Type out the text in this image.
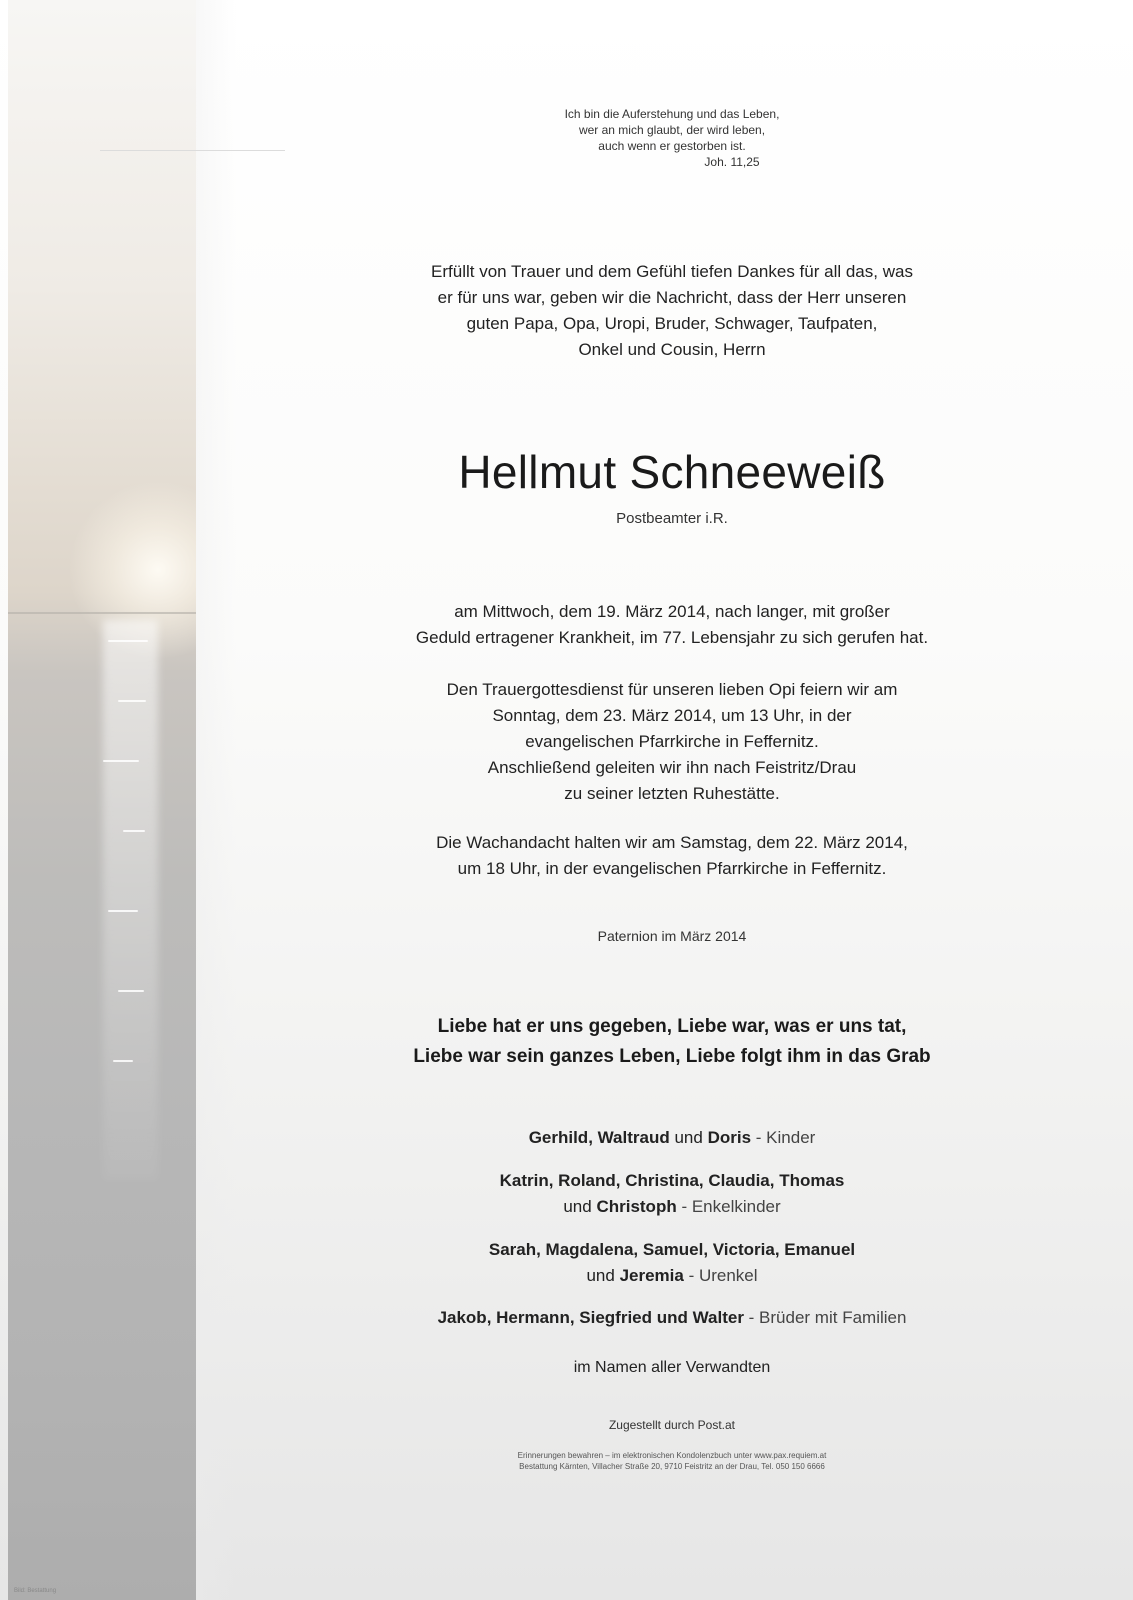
Bild: Bestattung
Ich bin die Auferstehung und das Leben,
wer an mich glaubt, der wird leben,
auch wenn er gestorben ist.
Joh. 11,25
Erfüllt von Trauer und dem Gefühl tiefen Dankes für all das, was
er für uns war, geben wir die Nachricht, dass der Herr unseren
guten Papa, Opa, Uropi, Bruder, Schwager, Taufpaten,
Onkel und Cousin, Herrn
Hellmut Schneeweiß
Postbeamter i.R.
am Mittwoch, dem 19. März 2014, nach langer, mit großer
Geduld ertragener Krankheit, im 77. Lebensjahr zu sich gerufen hat.
Den Trauergottesdienst für unseren lieben Opi feiern wir am
Sonntag, dem 23. März 2014, um 13 Uhr, in der
evangelischen Pfarrkirche in Feffernitz.
Anschließend geleiten wir ihn nach Feistritz/Drau
zu seiner letzten Ruhestätte.
Die Wachandacht halten wir am Samstag, dem 22. März 2014,
um 18 Uhr, in der evangelischen Pfarrkirche in Feffernitz.
Paternion im März 2014
Liebe hat er uns gegeben, Liebe war, was er uns tat,
Liebe war sein ganzes Leben, Liebe folgt ihm in das Grab
Gerhild, Waltraud und Doris - Kinder
Katrin, Roland, Christina, Claudia, Thomas
und Christoph - Enkelkinder
Sarah, Magdalena, Samuel, Victoria, Emanuel
und Jeremia - Urenkel
Jakob, Hermann, Siegfried und Walter - Brüder mit Familien
im Namen aller Verwandten
Zugestellt durch Post.at
Erinnerungen bewahren – im elektronischen Kondolenzbuch unter www.pax.requiem.at
Bestattung Kärnten, Villacher Straße 20, 9710 Feistritz an der Drau, Tel. 050 150 6666
